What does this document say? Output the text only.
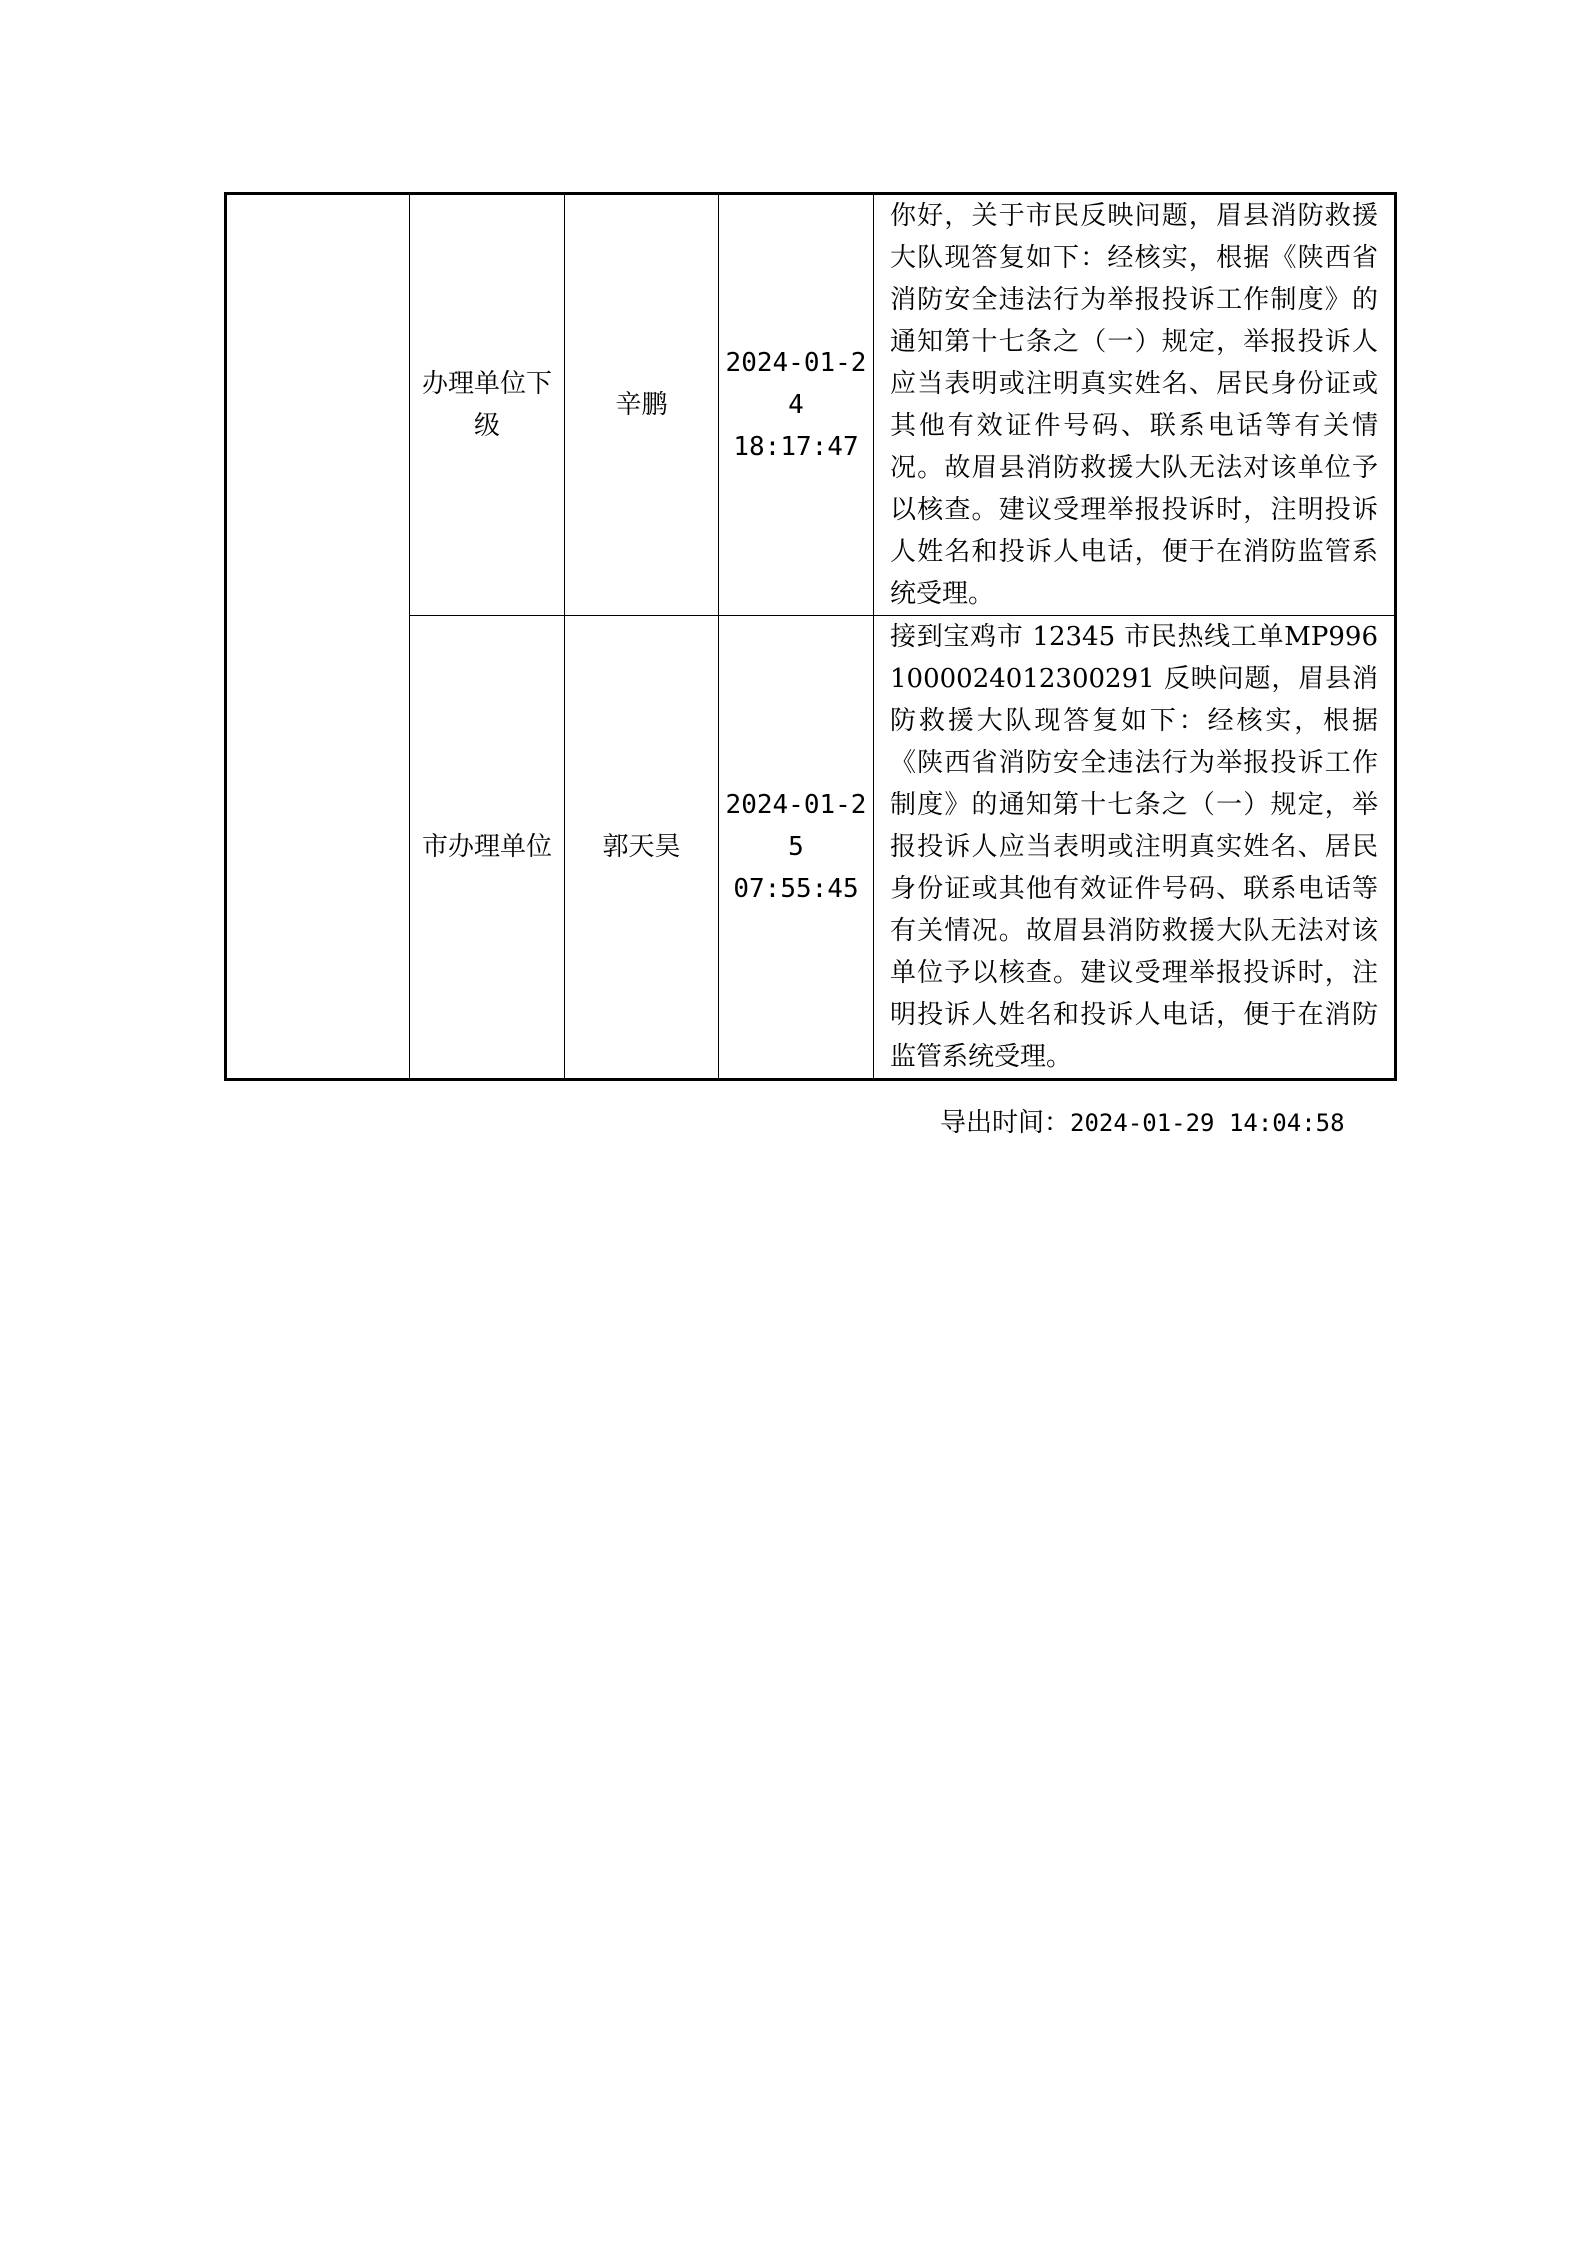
	办理单位下级	辛鹏	2024-01-2
4
18:17:47	你好，关于市民反映问题，眉县消防救援大队现答复如下：经核实，根据《陕西省消防安全违法行为举报投诉工作制度》的通知第十七条之（一）规定，举报投诉人应当表明或注明真实姓名、居民身份证或其他有效证件号码、联系电话等有关情况。故眉县消防救援大队无法对该单位予以核查。建议受理举报投诉时，注明投诉人姓名和投诉人电话，便于在消防监管系统受理。
	市办理单位	郭天昊	2024-01-2
5
07:55:45	接到宝鸡市 12345 市民热线工单MP9961000024012300291 反映问题，眉县消防救援大队现答复如下：经核实，根据《陕西省消防安全违法行为举报投诉工作制度》的通知第十七条之（一）规定，举报投诉人应当表明或注明真实姓名、居民身份证或其他有效证件号码、联系电话等有关情况。故眉县消防救援大队无法对该单位予以核查。建议受理举报投诉时，注明投诉人姓名和投诉人电话，便于在消防监管系统受理。
导出时间：2024-01-29 14:04:58
